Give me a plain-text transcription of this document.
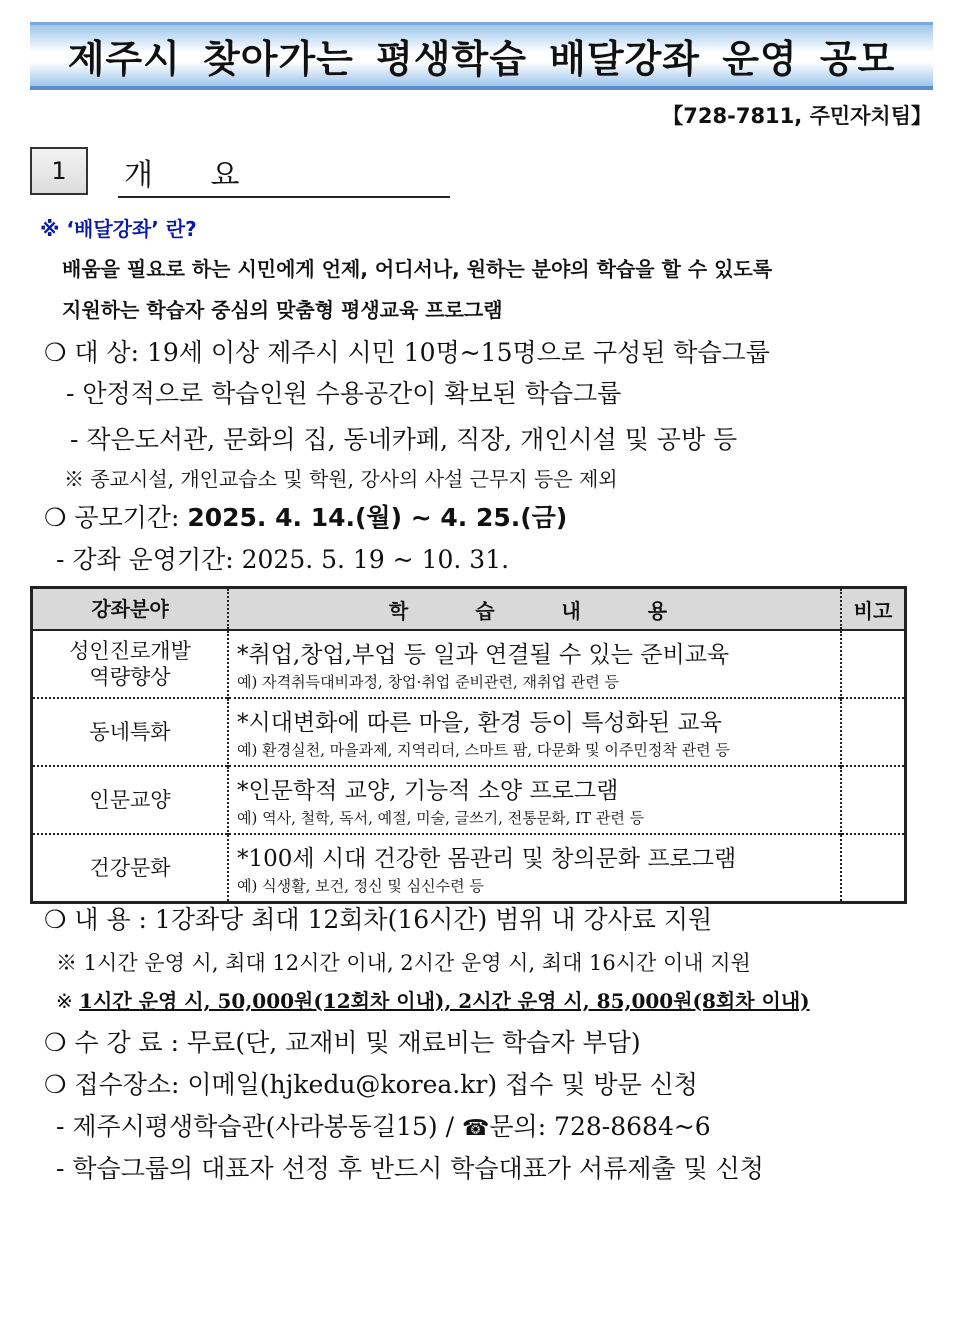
제주시 찾아가는 평생학습 배달강좌 운영 공모
【728-7811, 주민자치팀】
1	개 요
※ ‘배달강좌’ 란?
배움을 필요로 하는 시민에게 언제, 어디서나, 원하는 분야의 학습을 할 수 있도록
지원하는 학습자 중심의 맞춤형 평생교육 프로그램
❍ 대 상: 19세 이상 제주시 시민 10명~15명으로 구성된 학습그룹
- 안정적으로 학습인원 수용공간이 확보된 학습그룹
- 작은도서관, 문화의 집, 동네카페, 직장, 개인시설 및 공방 등
※ 종교시설, 개인교습소 및 학원, 강사의 사설 근무지 등은 제외
❍ 공모기간: 2025. 4. 14.(월) ~ 4. 25.(금)
- 강좌 운영기간: 2025. 5. 19 ~ 10. 31.
강좌분야	학 습 내 용	비고
성인진로개발
역량향상	*취업,창업,부업 등 일과 연결될 수 있는 준비교육
예) 자격취득대비과정, 창업·취업 준비관련, 재취업 관련 등	

동네특화	*시대변화에 따른 마을, 환경 등이 특성화된 교육
예) 환경실천, 마을과제, 지역리더, 스마트 팜, 다문화 및 이주민정착 관련 등	

인문교양	*인문학적 교양, 기능적 소양 프로그램
예) 역사, 철학, 독서, 예절, 미술, 글쓰기, 전통문화, IT 관련 등	

건강문화	*100세 시대 건강한 몸관리 및 창의문화 프로그램
예) 식생활, 보건, 정신 및 심신수련 등	

❍ 내 용 : 1강좌당 최대 12회차(16시간) 범위 내 강사료 지원
※ 1시간 운영 시, 최대 12시간 이내, 2시간 운영 시, 최대 16시간 이내 지원
※ 1시간 운영 시, 50,000원(12회차 이내), 2시간 운영 시, 85,000원(8회차 이내)
❍ 수 강 료 : 무료(단, 교재비 및 재료비는 학습자 부담)
❍ 접수장소: 이메일(hjkedu@korea.kr) 접수 및 방문 신청
- 제주시평생학습관(사라봉동길15) / ☎문의: 728-8684~6
- 학습그룹의 대표자 선정 후 반드시 학습대표가 서류제출 및 신청
